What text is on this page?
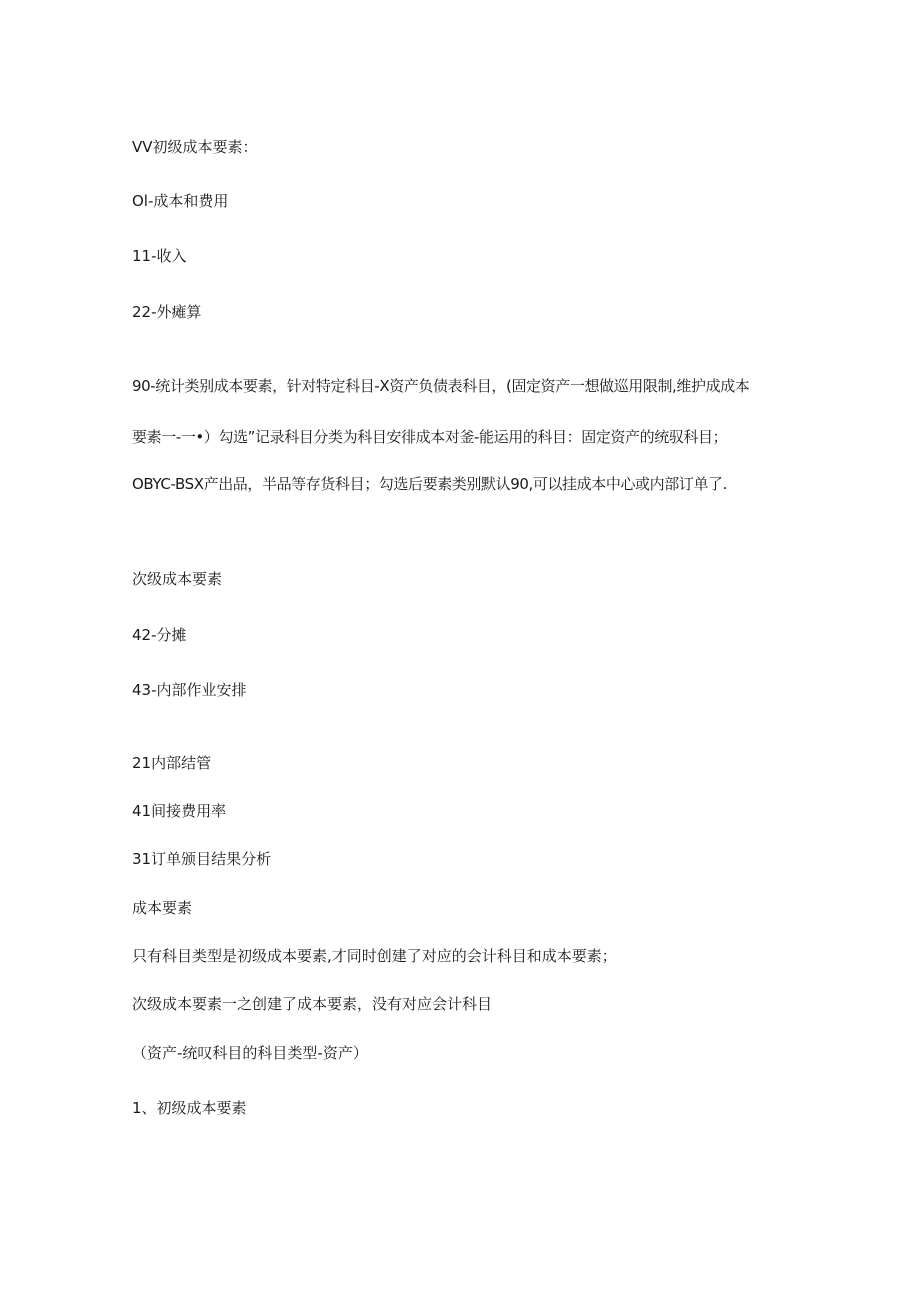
VV初级成本要素：
Ol-成本和费用
11-收入
22-外瘫算
90-统计类别成本要素，针对特定科目-X资产负债表科目，(固定资产一想做巡用限制,维护成成本
要素一-一•）勾选”记录科目分类为科目安徘成本对釜-能运用的科目：固定资产的统驭科目；
OBYC-BSX产出品，半品等存货科目；勾选后要素类别默认90,可以挂成本中心或内部订单了.
次级成本要素
42-分摊
43-内部作业安排
21内部结管
41间接费用率
31订单颁目结果分析
成本要素
只有科目类型是初级成本要素,才同时创建了对应的会计科目和成本要素；
次级成本要素一之创建了成本要素，没有对应会计科目
（资产-统叹科目的科目类型-资产）
1、初级成本要素
